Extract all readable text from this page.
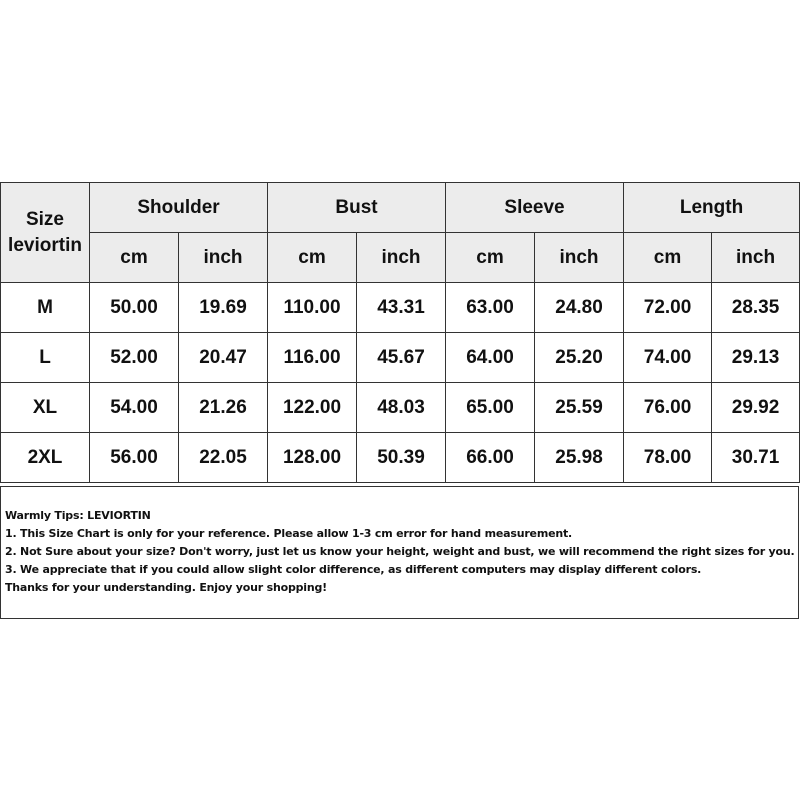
Size
leviortin	Shoulder		Bust		Sleeve		Length	
	cm	inch	cm	inch	cm	inch	cm	inch
M	50.00	19.69	110.00	43.31	63.00	24.80	72.00	28.35
L	52.00	20.47	116.00	45.67	64.00	25.20	74.00	29.13
XL	54.00	21.26	122.00	48.03	65.00	25.59	76.00	29.92
2XL	56.00	22.05	128.00	50.39	66.00	25.98	78.00	30.71
Warmly Tips: LEVIORTIN
1. This Size Chart is only for your reference. Please allow 1-3 cm error for hand measurement.
2. Not Sure about your size? Don't worry, just let us know your height, weight and bust, we will recommend the right sizes for you.
3. We appreciate that if you could allow slight color difference, as different computers may display different colors.
Thanks for your understanding. Enjoy your shopping!
